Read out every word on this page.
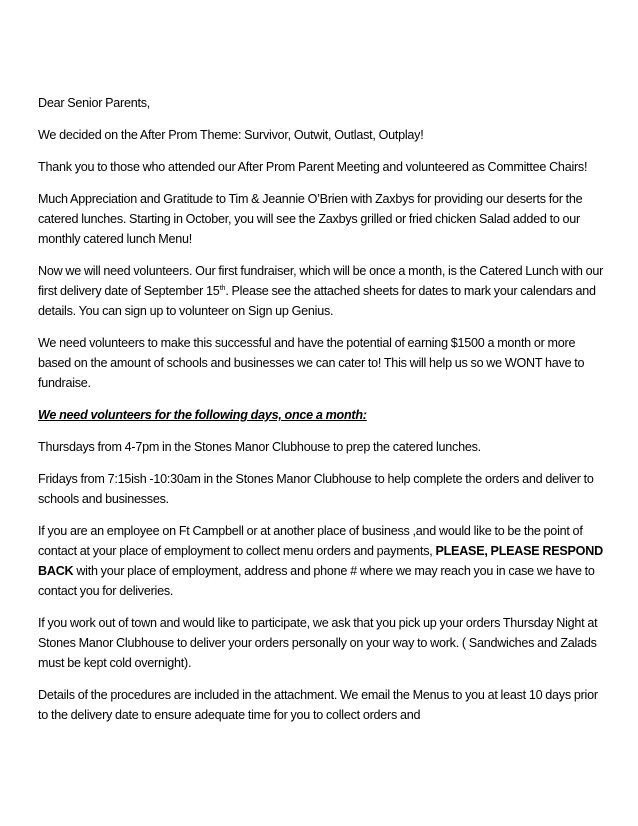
Dear Senior Parents,

We decided on the After Prom Theme: Survivor, Outwit, Outlast, Outplay!

Thank you to those who attended our After Prom Parent Meeting and volunteered as Committee Chairs!

Much Appreciation and Gratitude to Tim & Jeannie O’Brien with Zaxbys for providing our deserts for the catered lunches. Starting in October, you will see the Zaxbys grilled or fried chicken Salad added to our monthly catered lunch Menu!

Now we will need volunteers. Our first fundraiser, which will be once a month, is the Catered Lunch with our first delivery date of September 15th. Please see the attached sheets for dates to mark your calendars and details. You can sign up to volunteer on Sign up Genius.

We need volunteers to make this successful and have the potential of earning $1500 a month or more based on the amount of schools and businesses we can cater to! This will help us so we WONT have to fundraise.

We need volunteers for the following days, once a month:

Thursdays from 4-7pm in the Stones Manor Clubhouse to prep the catered lunches.

Fridays from 7:15ish -10:30am in the Stones Manor Clubhouse to help complete the orders and deliver to schools and businesses.

If you are an employee on Ft Campbell or at another place of business ,and would like to be the point of contact at your place of employment to collect menu orders and payments, PLEASE, PLEASE RESPOND BACK with your place of employment, address and phone # where we may reach you in case we have to contact you for deliveries.

If you work out of town and would like to participate, we ask that you pick up your orders Thursday Night at Stones Manor Clubhouse to deliver your orders personally on your way to work. ( Sandwiches and Zalads must be kept cold overnight).

Details of the procedures are included in the attachment. We email the Menus to you at least 10 days prior to the delivery date to ensure adequate time for you to collect orders and
